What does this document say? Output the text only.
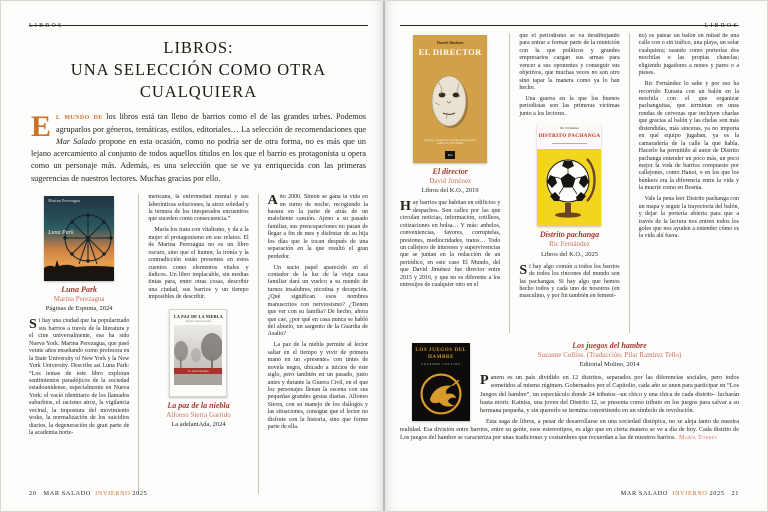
LIBROS
LIBROS:
UNA SELECCIÓN COMO OTRA CUALQUIERA

El mundo de los libros está tan lleno de barrios como el de las grandes urbes. Podemos agruparlos por géneros, temáticas, estilos, editoriales… La selección de recomendaciones que Mar Salado propone en esta ocasión, como no podría ser de otra forma, no es más que un lejano acercamiento al conjunto de todos aquellos títulos en los que el barrio es protagonista u opera como un personaje más. Además, es una selección que se ve ya enriquecida con las primeras sugerencias de nuestros lectores. Muchas gracias por ello.

Marina Perezagua
Luna Park
Luna Park
Marina Perezagua
Páginas de Espuma, 2024

Si hay una ciudad que ha popularizado sus barrios a través de la literatura y el cine universalmente, esa ha sido Nueva York. Marina Perezagua, que pasó veinte años enseñando como profesora en la State University of New York y la New York University. Describe así Luna Park: “Los temas de este libro exploran sentimientos paradójicos de la sociedad estadounidense, especialmente en Nueva York: el vacío identitario de los llamados suburbios, el racismo atroz, la vigilancia vecinal, la impostura del movimiento woke, la normalización de los suicidios diarios, la degeneración de gran parte de la academia norte-

mericana, la enfermedad mental y sus laberínticas soluciones, la atroz soledad y la ternura de los inesperados encuentros que suceden como consecuencia.”

María los trata con vitalismo, y da a la mujer el protagonismo en sus relatos. El de Marina Perezagua no es un libro oscuro, sino que el humor, la ironía y la contradicción están presentes en estos cuentos como elementos vitales y lúdicos. Un libro implacable, sin medias tintas para, entre otras cosas, describir una ciudad, sus barrios y un tiempo imposibles de describir.

LA PAZ DE LA NIEBLA
Alfonso Sierra Garrido
la adelantAda
La paz de la niebla
Alfonso Sierra Garrido
La adelantAda, 2024

Año 2000. Simón se gana la vida en un turno de noche, recogiendo la basura en la parte de atrás de un maloliente camión. Ajeno a su pasado familiar, sus preocupaciones no pasan de llegar a fin de mes y disfrutar de su hija los días que le tocan después de una separación en la que resultó el gran perdedor.

Un sucio papel aparecido en el contador de la luz de la vieja casa familiar dará un vuelco a su mundo de turnos insalubres, nicotina y decepción. ¿Qué significan esos nombres manuscritos con nerviosismo? ¿Tienen que ver con su familia? De hecho, ahora que cae, ¿por qué en casa nunca se habló del abuelo, un sargento de la Guardia de Asalto?

La paz de la niebla permite al lector saltar en el tiempo y vivir de primera mano en un «presente» con tintes de novela negra, ubicado a inicios de este siglo, pero también en un pasado, justo antes y durante la Guerra Civil, en el que los personajes llenan la escena con sus pequeñas grandes gestas diarias. Alfonso Sierra, con su manejo de los diálogos y las situaciones, consigue que el lector no disfrute con la historia, sino que forme parte de ella.

20 MAR SALADO INVIERNO 2025
LIBROS
David Jiménez
EL DIRECTOR
Secretos e intrigas de la prensa narrados por el exdirector de El Mundo
KO
El director
David Jiménez
Libros del K.O., 2019

Hay barrios que habitan en edificios y despachos. Son calles por las que circulan noticias, información, cotilleos, cotizaciones en bolsa… Y más: anhelos, conveniencias, favores, corruptelas, presiones, mediocridades, tratos… Todo un callejero de intereses y supervivencias que se juntan en la redacción de un periódico, en este caso El Mundo, del que David Jiménez fue director entre 2015 y 2016, y que no es diferente a los entresijos de cualquier otro en el

que el periodismo se va desdibujando para entrar a formar parte de la munición con la que políticos y grandes empresarios cargan sus armas para vencer a sus oponentes y conseguir sus objetivos, que muchas veces no son otro sino tapar la manera como ya lo han hecho.

Una guerra en la que los buenos periodistas son las primeras víctimas junto a los lectores.

Ric Fernández
DISTRITO PACHANGA
Distrito pachanga
Ric Fernández
Libros del K.O., 2025

Si hay algo común a todos los barrios de todos los rincones del mundo son las pachangas. Si hay algo que hemos hecho todos y cada uno de nosotros (en masculino, y por fin también en femeni-

no) es patear un balón en mitad de una calle con o sin tráfico, una playa, un solar cualquiera; usando como porterías dos mochilas o las propias chanclas; eligiendo jugadores a nones y pares o a pieses.

Ric Fernández lo sabe y por eso ha recorrido Eurasia con un balón en la mochila con el que organizar pachanguitas, que terminan en unas rondas de cervezas que incluyen charlas que gracias al balón y las chelas son más distendidas, más sinceras, ya no importa en qué equipo jugaban, ya es la camaradería de la calle la que habla. Hacerlo ha permitido al autor de Distrito pachanga entender un poco más, un poco mejor la vida de barrios compuesto por callejones, como Hanoi, o en los que los búnkers era la diferencia entre la vida y la muerte como en Bosnia.

Vale la pena leer Distrito pachanga con un mapa y seguir la trayectoria del balón, y dejar la portería abierta para que a través de la lectura nos entren todos los goles que nos ayuden a entender cómo es la vida ahí fuera.

LOS JUEGOS DEL HAMBRE
SUZANNE COLLINS
Los juegos del hambre
Suzanne Collins. (Traducción: Pilar Ramírez Tello)
Editorial Molino, 2014

Panem es un país dividido en 12 distritos, separados por las diferencias sociales, pero todos sometidos al mismo régimen. Gobernados por el Capitolio, cada año se unen para participar en “Los Juegos del hambre”, un espectáculo donde 24 tributos –un chico y una chica de cada distrito– lucharán hasta morir. Katniss, una joven del Distrito 12, se presenta como tributo en los juegos para salvar a su hermana pequeña, y sin quererlo se termina convirtiendo en un símbolo de revolución.

Esta saga de libros, a pesar de desarrollarse en una sociedad distópica, no se aleja tanto de nuestra realidad. Esa división entre barrios, entre su gente, esos estereotipos, es algo que en cierta manera se ve a día de hoy. Cada distrito de Los juegos del hambre se caracteriza por unas tradiciones y costumbres que recuerdan a las de nuestros barrios. María Torres

MAR SALADO INVIERNO 2025 21
